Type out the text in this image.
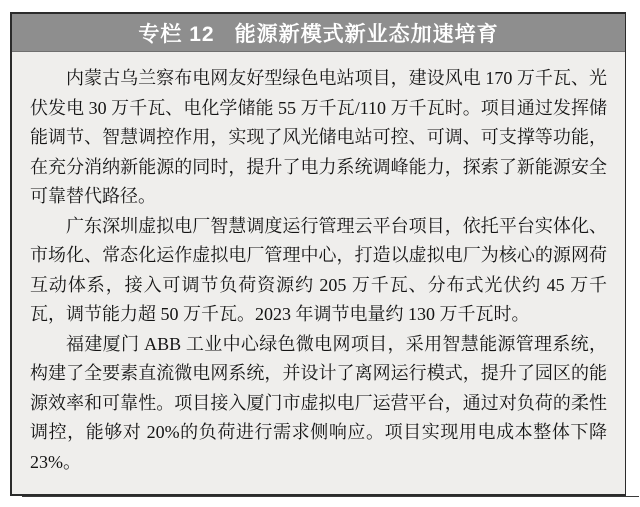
专栏 12 能源新模式新业态加速培育

内蒙古乌兰察布电网友好型绿色电站项目，建设风电 170 万千瓦、光伏发电 30 万千瓦、电化学储能 55 万千瓦/110 万千瓦时。项目通过发挥储能调节、智慧调控作用，实现了风光储电站可控、可调、可支撑等功能，在充分消纳新能源的同时，提升了电力系统调峰能力，探索了新能源安全可靠替代路径。

广东深圳虚拟电厂智慧调度运行管理云平台项目，依托平台实体化、市场化、常态化运作虚拟电厂管理中心，打造以虚拟电厂为核心的源网荷互动体系，接入可调节负荷资源约 205 万千瓦、分布式光伏约 45 万千瓦，调节能力超 50 万千瓦。2023 年调节电量约 130 万千瓦时。

福建厦门 ABB 工业中心绿色微电网项目，采用智慧能源管理系统，构建了全要素直流微电网系统，并设计了离网运行模式，提升了园区的能源效率和可靠性。项目接入厦门市虚拟电厂运营平台，通过对负荷的柔性调控，能够对 20%的负荷进行需求侧响应。项目实现用电成本整体下降 23%。
